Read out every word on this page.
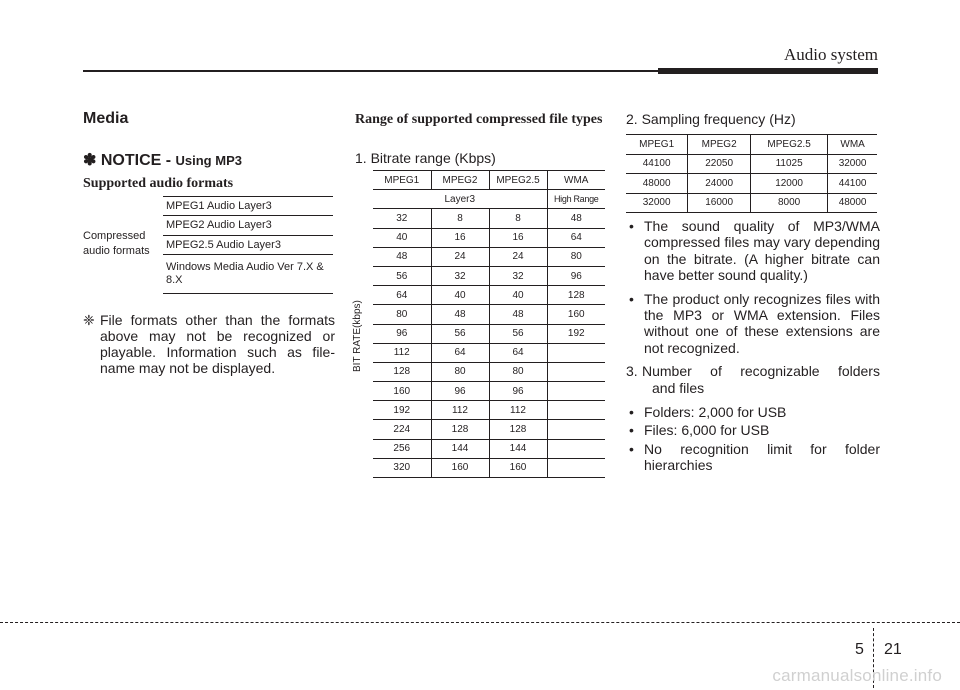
Audio system
Media
✽ NOTICE - Using MP3
Supported audio formats
Compressed audio formats
MPEG1 Audio Layer3
MPEG2 Audio Layer3
MPEG2.5 Audio Layer3
Windows Media Audio Ver 7.X & 8.X
❈ File formats other than the formats above may not be recognized or playable. Information such as file-name may not be displayed.
Range of supported compressed file types
1. Bitrate range (Kbps)
BIT RATE(kbps)
MPEG1	MPEG2	MPEG2.5	WMA
Layer3			High Range
32	8	8	48
40	16	16	64
48	24	24	80
56	32	32	96
64	40	40	128
80	48	48	160
96	56	56	192
112	64	64	
128	80	80	
160	96	96	
192	112	112	
224	128	128	
256	144	144	
320	160	160	
2. Sampling frequency (Hz)
MPEG1	MPEG2	MPEG2.5	WMA
44100	22050	11025	32000
48000	24000	12000	44100
32000	16000	8000	48000
• The sound quality of MP3/WMA compressed files may vary depending on the bitrate. (A higher bitrate can have better sound quality.)
• The product only recognizes files with the MP3 or WMA extension. Files without one of these extensions are not recognized.
3. Number of recognizable folders
and files
• Folders: 2,000 for USB
• Files: 6,000 for USB
• No recognition limit for folder hierarchies
5 21
carmanualsonline.info
